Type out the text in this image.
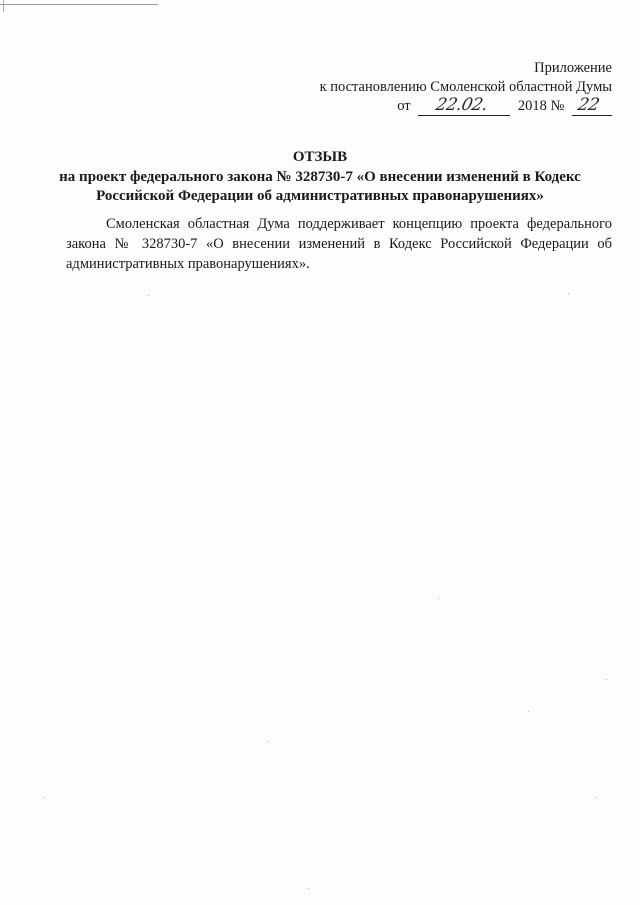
Приложение
к постановлению Смоленской областной Думы
от 22.02. 2018 № 22
ОТЗЫВ
на проект федерального закона № 328730-7 «О внесении изменений в Кодекс
Российской Федерации об административных правонарушениях»

Смоленская областная Дума поддерживает концепцию проекта федерального закона № 328730-7 «О внесении изменений в Кодекс Российской Федерации об административных правонарушениях».
